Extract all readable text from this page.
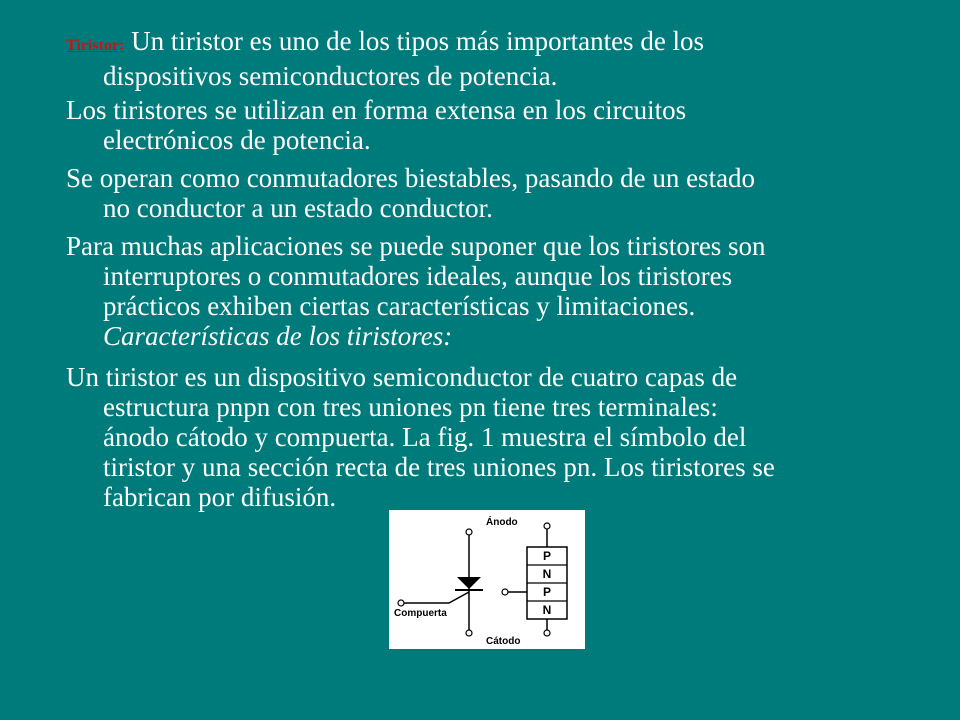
Tiristor: Un tiristor es uno de los tipos más importantes de los
dispositivos semiconductores de potencia.
Los tiristores se utilizan en forma extensa en los circuitos
electrónicos de potencia.
Se operan como conmutadores biestables, pasando de un estado
no conductor a un estado conductor.
Para muchas aplicaciones se puede suponer que los tiristores son
interruptores o conmutadores ideales, aunque los tiristores
prácticos exhiben ciertas características y limitaciones.
Características de los tiristores:
Un tiristor es un dispositivo semiconductor de cuatro capas de
estructura pnpn con tres uniones pn tiene tres terminales:
ánodo cátodo y compuerta. La fig. 1 muestra el símbolo del
tiristor y una sección recta de tres uniones pn. Los tiristores se
fabrican por difusión.
Compuerta
P
N
P
N
Ánodo
Cátodo
